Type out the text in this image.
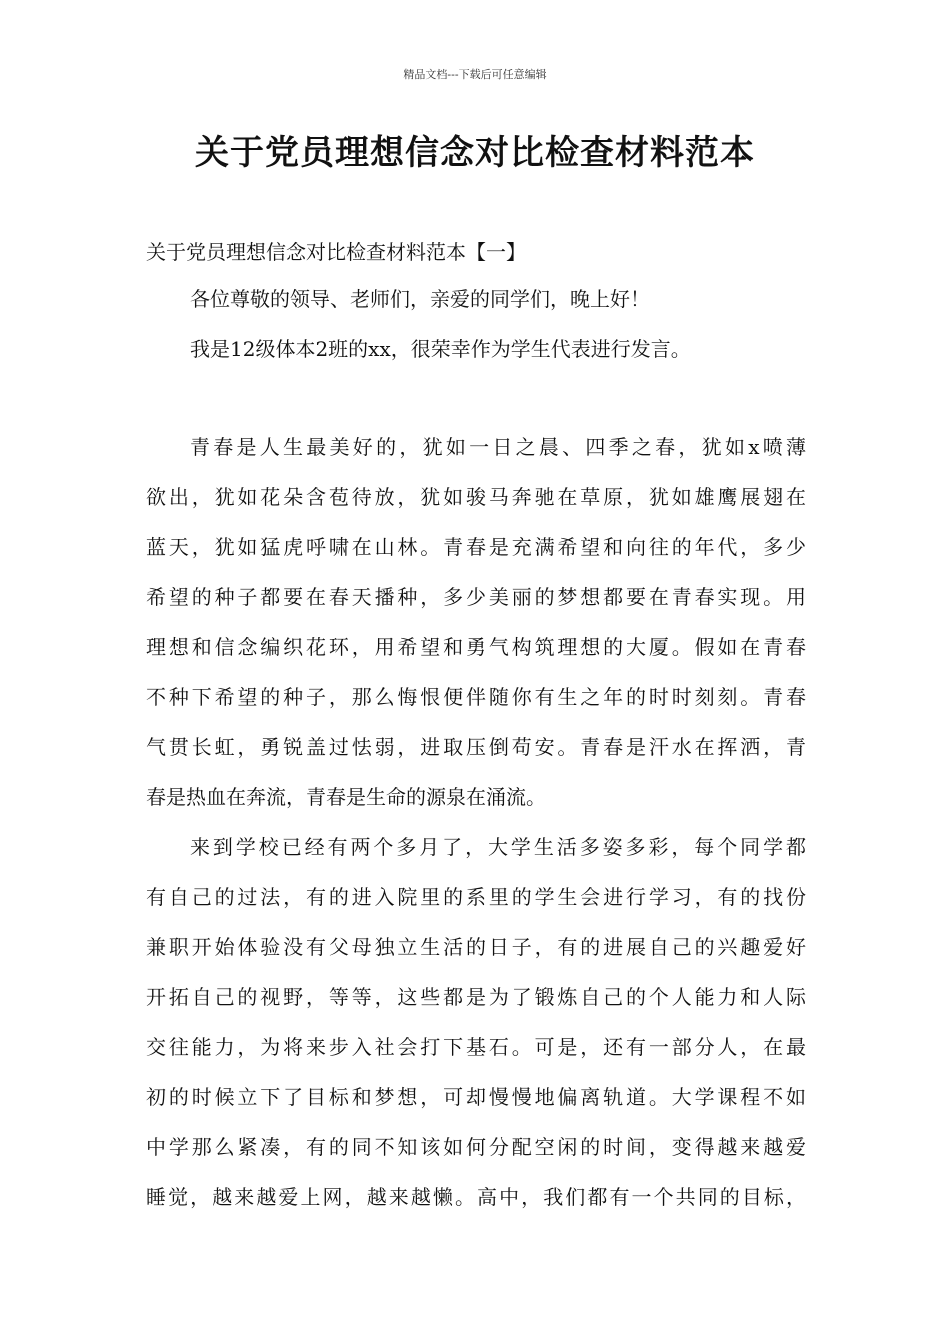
精品文档---下载后可任意编辑
关于党员理想信念对比检查材料范本
关于党员理想信念对比检查材料范本【一】
各位尊敬的领导、老师们，亲爱的同学们，晚上好！
我是12级体本2班的xx，很荣幸作为学生代表进行发言。
青春是人生最美好的，犹如一日之晨、四季之春，犹如x喷薄
欲出，犹如花朵含苞待放，犹如骏马奔驰在草原，犹如雄鹰展翅在
蓝天，犹如猛虎呼啸在山林。青春是充满希望和向往的年代，多少
希望的种子都要在春天播种，多少美丽的梦想都要在青春实现。用
理想和信念编织花环，用希望和勇气构筑理想的大厦。假如在青春
不种下希望的种子，那么悔恨便伴随你有生之年的时时刻刻。青春
气贯长虹，勇锐盖过怯弱，进取压倒苟安。青春是汗水在挥洒，青
春是热血在奔流，青春是生命的源泉在涌流。
来到学校已经有两个多月了，大学生活多姿多彩，每个同学都
有自己的过法，有的进入院里的系里的学生会进行学习，有的找份
兼职开始体验没有父母独立生活的日子，有的进展自己的兴趣爱好
开拓自己的视野，等等，这些都是为了锻炼自己的个人能力和人际
交往能力，为将来步入社会打下基石。可是，还有一部分人，在最
初的时候立下了目标和梦想，可却慢慢地偏离轨道。大学课程不如
中学那么紧凑，有的同不知该如何分配空闲的时间，变得越来越爱
睡觉，越来越爱上网，越来越懒。高中，我们都有一个共同的目标，
